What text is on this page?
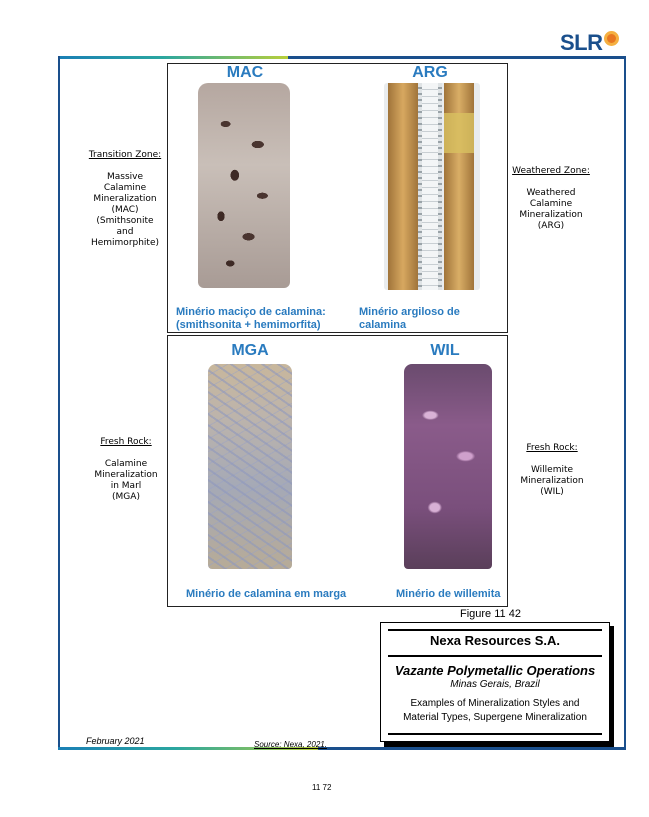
SLR
MAC
Minério maciço de calamina:
(smithsonita + hemimorfita)
ARG
Minério argiloso de calamina
MGA
Minério de calamina em marga
WIL
Minério de willemita
Transition Zone:
Massive
Calamine
Mineralization
(MAC)
(Smithsonite
and
Hemimorphite)
Weathered Zone:
Weathered
Calamine
Mineralization
(ARG)
Fresh Rock:
Calamine
Mineralization
in Marl
(MGA)
Fresh Rock:
Willemite
Mineralization
(WIL)
Figure 11 42
Nexa Resources S.A.
Vazante Polymetallic Operations
Minas Gerais, Brazil
Examples of Mineralization Styles and
Material Types, Supergene Mineralization
February 2021	Source: Nexa, 2021.
11 72
